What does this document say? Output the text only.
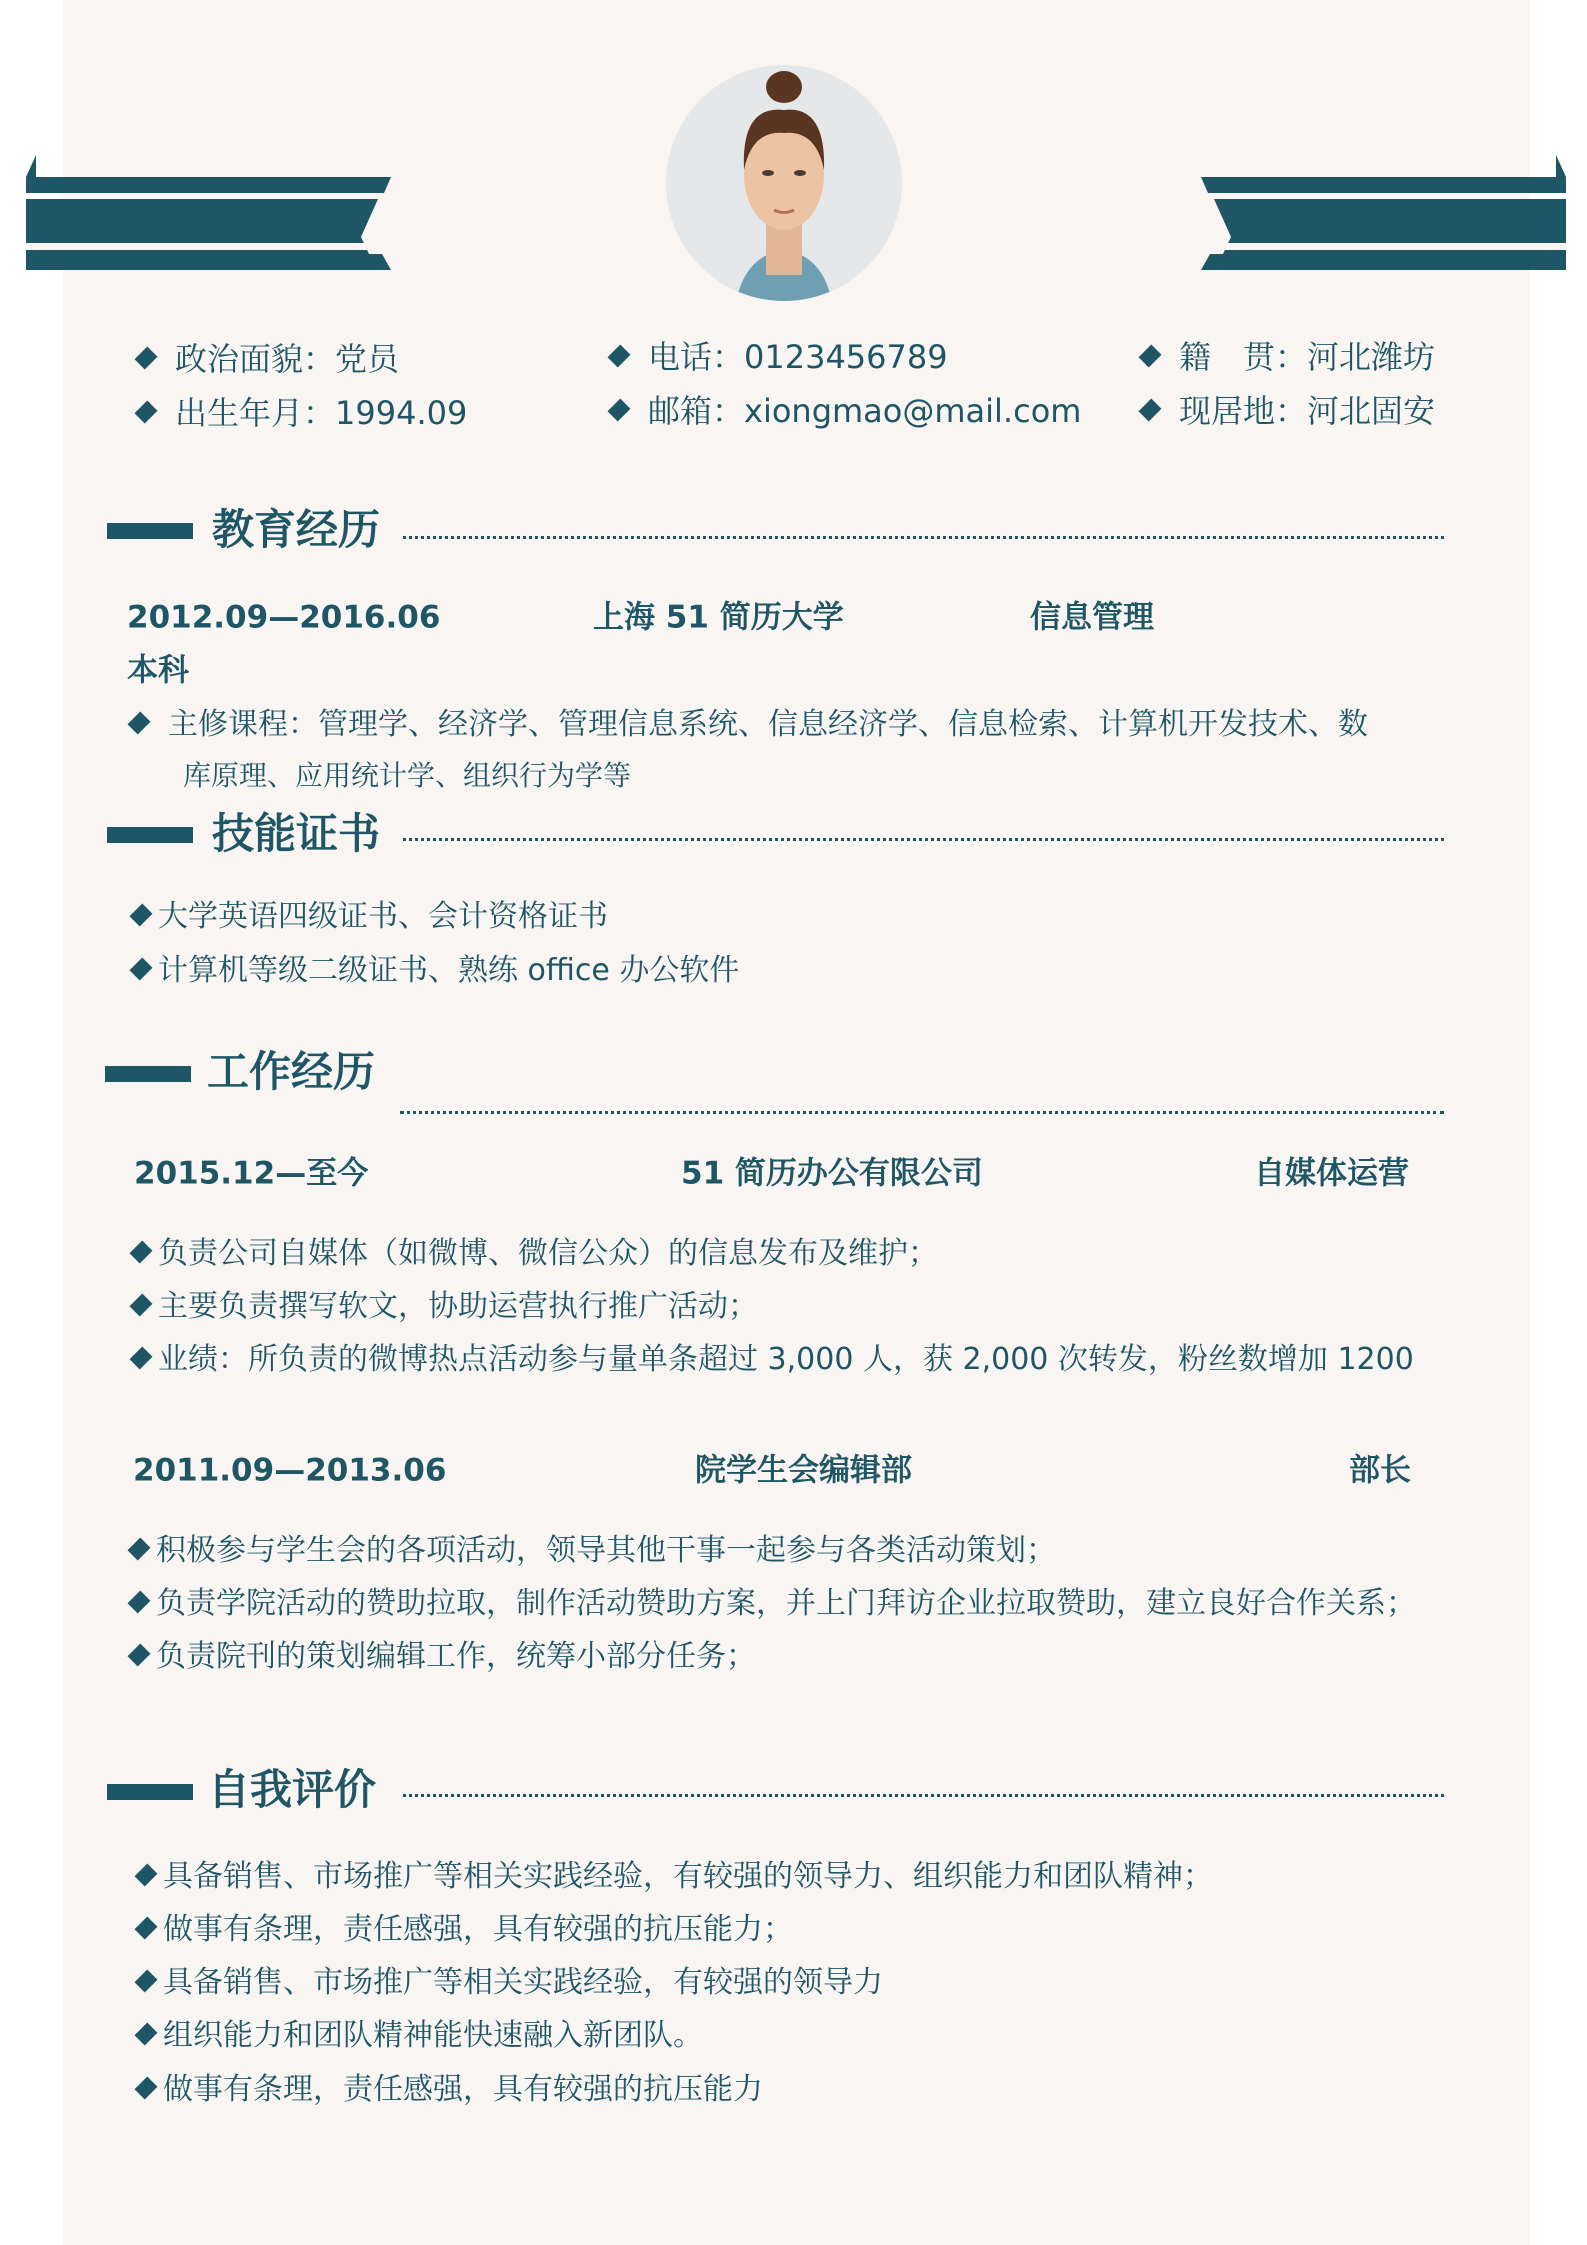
政治面貌：党员
出生年月：1994.09
电话：0123456789
邮箱：xiongmao@mail.com
籍　贯：河北潍坊
现居地：河北固安
教育经历
2012.09—2016.06	上海 51 简历大学	信息管理
本科
主修课程：管理学、经济学、管理信息系统、信息经济学、信息检索、计算机开发技术、数
库原理、应用统计学、组织行为学等
技能证书
大学英语四级证书、会计资格证书
计算机等级二级证书、熟练 office 办公软件
工作经历
2015.12—至今	51 简历办公有限公司	自媒体运营
负责公司自媒体（如微博、微信公众）的信息发布及维护；
主要负责撰写软文，协助运营执行推广活动；
业绩：所负责的微博热点活动参与量单条超过 3,000 人，获 2,000 次转发，粉丝数增加 1200
2011.09—2013.06	院学生会编辑部	部长
积极参与学生会的各项活动，领导其他干事一起参与各类活动策划；
负责学院活动的赞助拉取，制作活动赞助方案，并上门拜访企业拉取赞助，建立良好合作关系；
负责院刊的策划编辑工作，统筹小部分任务；
自我评价
具备销售、市场推广等相关实践经验，有较强的领导力、组织能力和团队精神；
做事有条理，责任感强，具有较强的抗压能力；
具备销售、市场推广等相关实践经验，有较强的领导力
组织能力和团队精神能快速融入新团队。
做事有条理，责任感强，具有较强的抗压能力
